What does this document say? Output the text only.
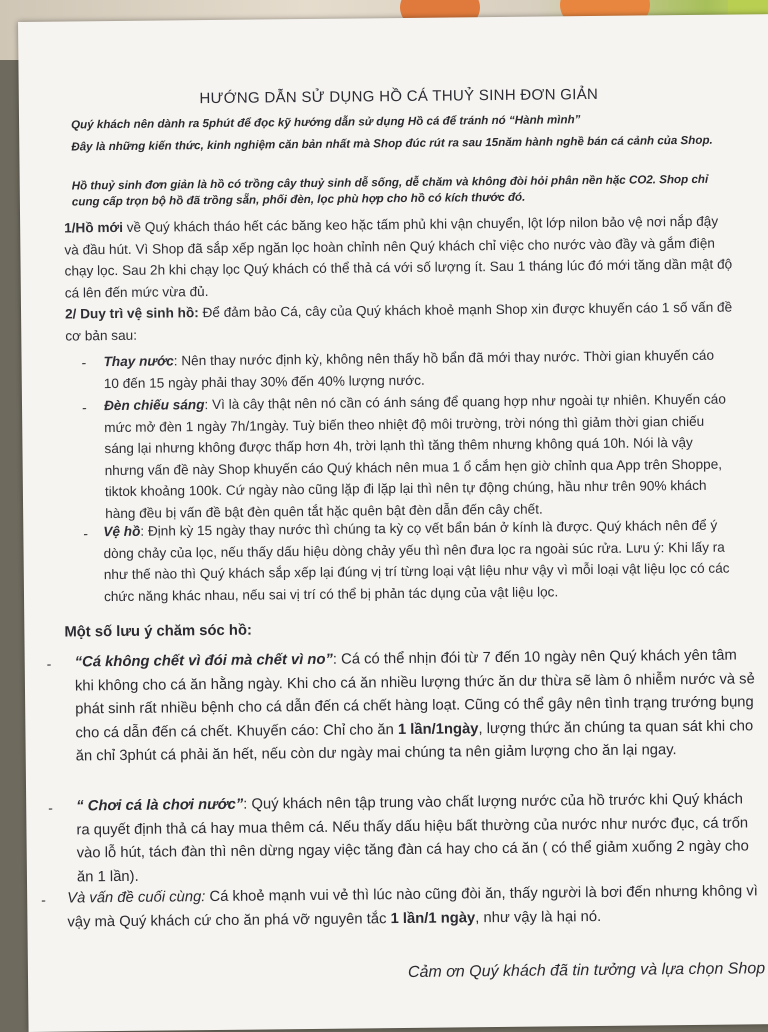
HƯỚNG DẪN SỬ DỤNG HỒ CÁ THUỶ SINH ĐƠN GIẢN
Quý khách nên dành ra 5phút để đọc kỹ hướng dẫn sử dụng Hồ cá để tránh nó “Hành mình”
Đây là những kiến thức, kinh nghiệm căn bản nhất mà Shop đúc rút ra sau 15năm hành nghề bán cá cảnh của Shop.
Hồ thuỷ sinh đơn giản là hồ có trồng cây thuỷ sinh dễ sống, dễ chăm và không đòi hỏi phân nền hặc CO2. Shop chỉ cung cấp trọn bộ hồ đã trồng sẵn, phối đèn, lọc phù hợp cho hồ có kích thước đó.
1/Hồ mới về Quý khách tháo hết các băng keo hặc tấm phủ khi vận chuyển, lột lớp nilon bảo vệ nơi nắp đậy và đầu hút. Vì Shop đã sắp xếp ngăn lọc hoàn chỉnh nên Quý khách chỉ việc cho nước vào đầy và gắm điện chạy lọc. Sau 2h khi chạy lọc Quý khách có thể thả cá với số lượng ít. Sau 1 tháng lúc đó mới tăng dần mật độ cá lên đến mức vừa đủ.
2/ Duy trì vệ sinh hồ: Để đảm bảo Cá, cây của Quý khách khoẻ mạnh Shop xin được khuyến cáo 1 số vấn đề cơ bản sau:
- Thay nước: Nên thay nước định kỳ, không nên thấy hồ bẩn đã mới thay nước. Thời gian khuyến cáo 10 đến 15 ngày phải thay 30% đến 40% lượng nước.
- Đèn chiếu sáng: Vì là cây thật nên nó cần có ánh sáng để quang hợp như ngoài tự nhiên. Khuyến cáo mức mở đèn 1 ngày 7h/1ngày. Tuỳ biến theo nhiệt độ môi trường, trời nóng thì giảm thời gian chiếu sáng lại nhưng không được thấp hơn 4h, trời lạnh thì tăng thêm nhưng không quá 10h. Nói là vậy nhưng vấn đề này Shop khuyến cáo Quý khách nên mua 1 ổ cắm hẹn giờ chỉnh qua App trên Shoppe, tiktok khoảng 100k. Cứ ngày nào cũng lặp đi lặp lại thì nên tự động chúng, hầu như trên 90% khách hàng đều bị vấn đề bật đèn quên tắt hặc quên bật đèn dẫn đến cây chết.
- Vệ hồ: Định kỳ 15 ngày thay nước thì chúng ta kỳ cọ vết bẩn bán ở kính là được. Quý khách nên để ý dòng chảy của lọc, nếu thấy dấu hiệu dòng chảy yếu thì nên đưa lọc ra ngoài súc rửa. Lưu ý: Khi lấy ra như thế nào thì Quý khách sắp xếp lại đúng vị trí từng loại vật liệu như vậy vì mỗi loại vật liệu lọc có các chức năng khác nhau, nếu sai vị trí có thể bị phản tác dụng của vật liệu lọc.
Một số lưu ý chăm sóc hồ:
- “Cá không chết vì đói mà chết vì no”: Cá có thể nhịn đói từ 7 đến 10 ngày nên Quý khách yên tâm khi không cho cá ăn hằng ngày. Khi cho cá ăn nhiều lượng thức ăn dư thừa sẽ làm ô nhiễm nước và sẻ phát sinh rất nhiều bệnh cho cá dẫn đến cá chết hàng loạt. Cũng có thể gây nên tình trạng trướng bụng cho cá dẫn đến cá chết. Khuyến cáo: Chỉ cho ăn 1 lần/1ngày, lượng thức ăn chúng ta quan sát khi cho ăn chỉ 3phút cá phải ăn hết, nếu còn dư ngày mai chúng ta nên giảm lượng cho ăn lại ngay.
- “ Chơi cá là chơi nước”: Quý khách nên tập trung vào chất lượng nước của hồ trước khi Quý khách ra quyết định thả cá hay mua thêm cá. Nếu thấy dấu hiệu bất thường của nước như nước đục, cá trốn vào lỗ hút, tách đàn thì nên dừng ngay việc tăng đàn cá hay cho cá ăn ( có thể giảm xuống 2 ngày cho ăn 1 lần).
- Và vấn đề cuối cùng: Cá khoẻ mạnh vui vẻ thì lúc nào cũng đòi ăn, thấy người là bơi đến nhưng không vì vậy mà Quý khách cứ cho ăn phá vỡ nguyên tắc 1 lần/1 ngày, như vậy là hại nó.
Cảm ơn Quý khách đã tin tưởng và lựa chọn Shop
